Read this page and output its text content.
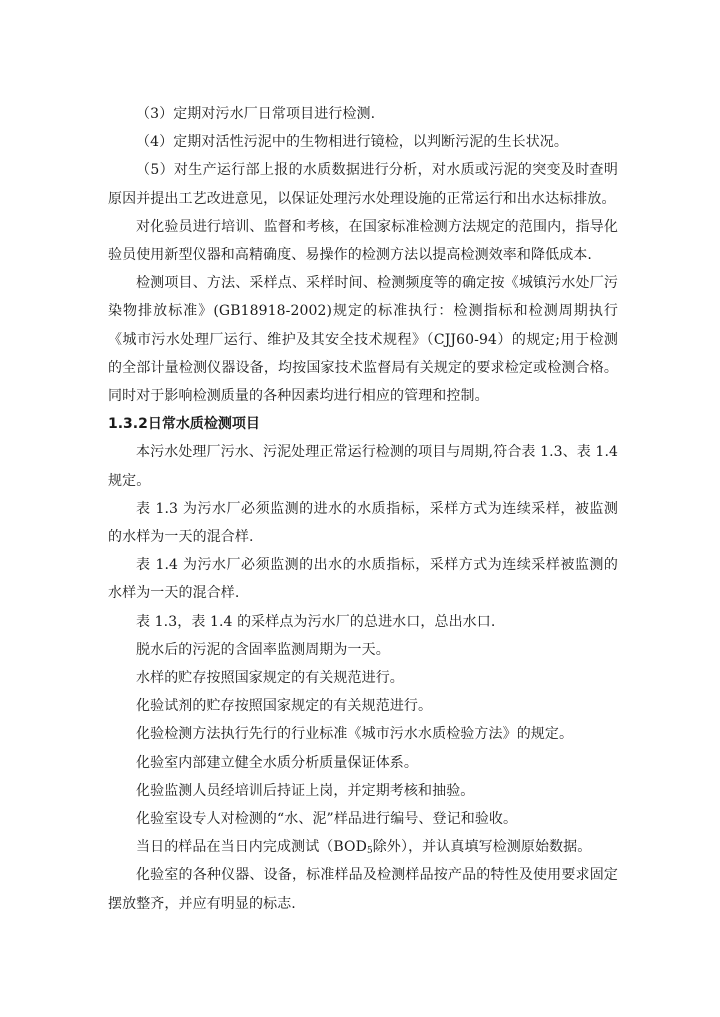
（3）定期对污水厂日常项目进行检测.

（4）定期对活性污泥中的生物相进行镜检，以判断污泥的生长状况。

（5）对生产运行部上报的水质数据进行分析，对水质或污泥的突变及时查明原因并提出工艺改进意见，以保证处理污水处理设施的正常运行和出水达标排放。

对化验员进行培训、监督和考核，在国家标准检测方法规定的范围内，指导化验员使用新型仪器和高精确度、易操作的检测方法以提高检测效率和降低成本.

检测项目、方法、采样点、采样时间、检测频度等的确定按《城镇污水处厂污染物排放标准》(GB18918-2002)规定的标准执行：检测指标和检测周期执行《城市污水处理厂运行、维护及其安全技术规程》（CJJ60-94）的规定;用于检测的全部计量检测仪器设备，均按国家技术监督局有关规定的要求检定或检测合格。同时对于影响检测质量的各种因素均进行相应的管理和控制。

1.3.2日常水质检测项目

本污水处理厂污水、污泥处理正常运行检测的项目与周期,符合表 1.3、表 1.4 规定。

表 1.3 为污水厂必须监测的进水的水质指标，采样方式为连续采样，被监测的水样为一天的混合样.

表 1.4 为污水厂必须监测的出水的水质指标，采样方式为连续采样被监测的水样为一天的混合样.

表 1.3，表 1.4 的采样点为污水厂的总进水口，总出水口.

脱水后的污泥的含固率监测周期为一天。

水样的贮存按照国家规定的有关规范进行。

化验试剂的贮存按照国家规定的有关规范进行。

化验检测方法执行先行的行业标准《城市污水水质检验方法》的规定。

化验室内部建立健全水质分析质量保证体系。

化验监测人员经培训后持证上岗，并定期考核和抽验。

化验室设专人对检测的“水、泥”样品进行编号、登记和验收。

当日的样品在当日内完成测试（$BOD_5$除外），并认真填写检测原始数据。

化验室的各种仪器、设备，标准样品及检测样品按产品的特性及使用要求固定摆放整齐，并应有明显的标志.
